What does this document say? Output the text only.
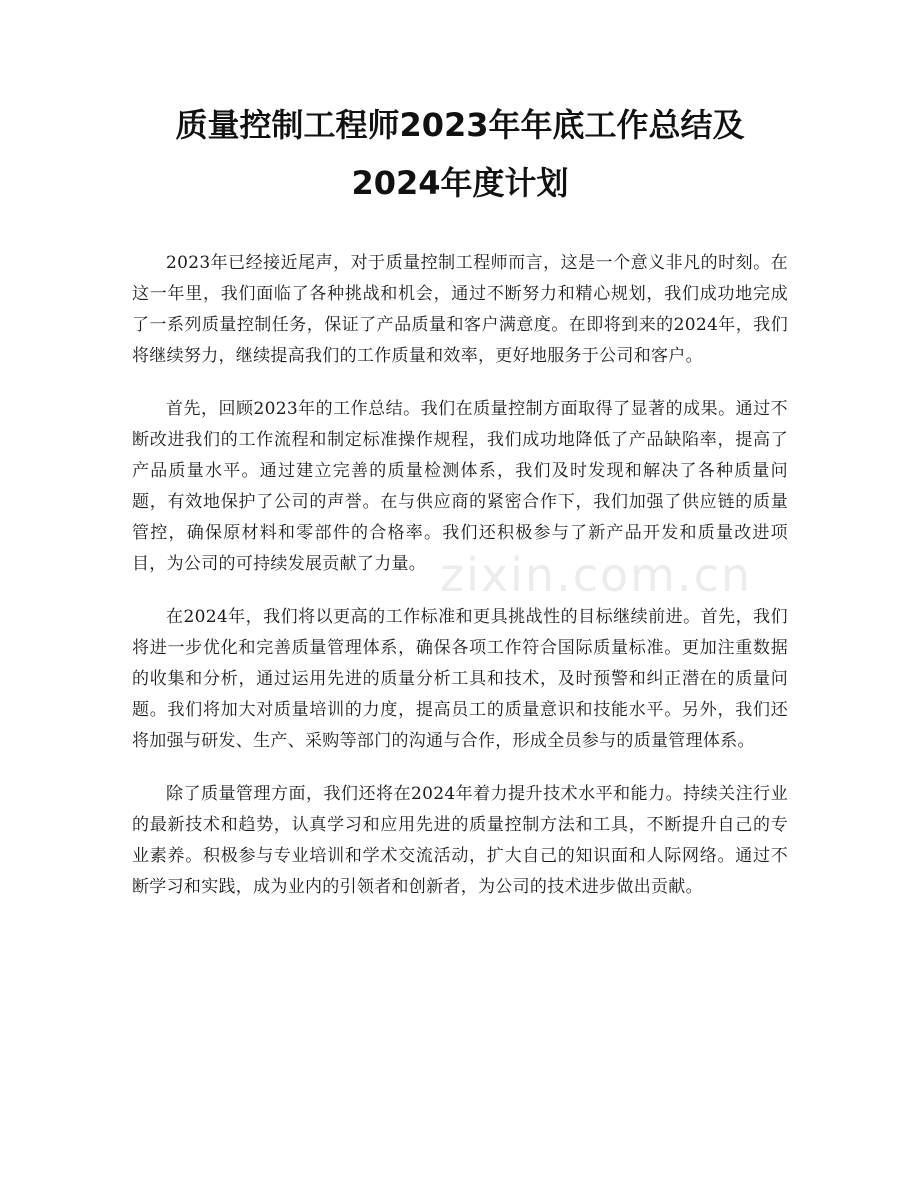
质量控制工程师2023年年底工作总结及
2024年度计划

2023年已经接近尾声，对于质量控制工程师而言，这是一个意义非凡的时刻。在这一年里，我们面临了各种挑战和机会，通过不断努力和精心规划，我们成功地完成了一系列质量控制任务，保证了产品质量和客户满意度。在即将到来的2024年，我们将继续努力，继续提高我们的工作质量和效率，更好地服务于公司和客户。

首先，回顾2023年的工作总结。我们在质量控制方面取得了显著的成果。通过不断改进我们的工作流程和制定标准操作规程，我们成功地降低了产品缺陷率，提高了产品质量水平。通过建立完善的质量检测体系，我们及时发现和解决了各种质量问题，有效地保护了公司的声誉。在与供应商的紧密合作下，我们加强了供应链的质量管控，确保原材料和零部件的合格率。我们还积极参与了新产品开发和质量改进项目，为公司的可持续发展贡献了力量。

在2024年，我们将以更高的工作标准和更具挑战性的目标继续前进。首先，我们将进一步优化和完善质量管理体系，确保各项工作符合国际质量标准。更加注重数据的收集和分析，通过运用先进的质量分析工具和技术，及时预警和纠正潜在的质量问题。我们将加大对质量培训的力度，提高员工的质量意识和技能水平。另外，我们还将加强与研发、生产、采购等部门的沟通与合作，形成全员参与的质量管理体系。

除了质量管理方面，我们还将在2024年着力提升技术水平和能力。持续关注行业的最新技术和趋势，认真学习和应用先进的质量控制方法和工具，不断提升自己的专业素养。积极参与专业培训和学术交流活动，扩大自己的知识面和人际网络。通过不断学习和实践，成为业内的引领者和创新者，为公司的技术进步做出贡献。

zixin.com.cn
